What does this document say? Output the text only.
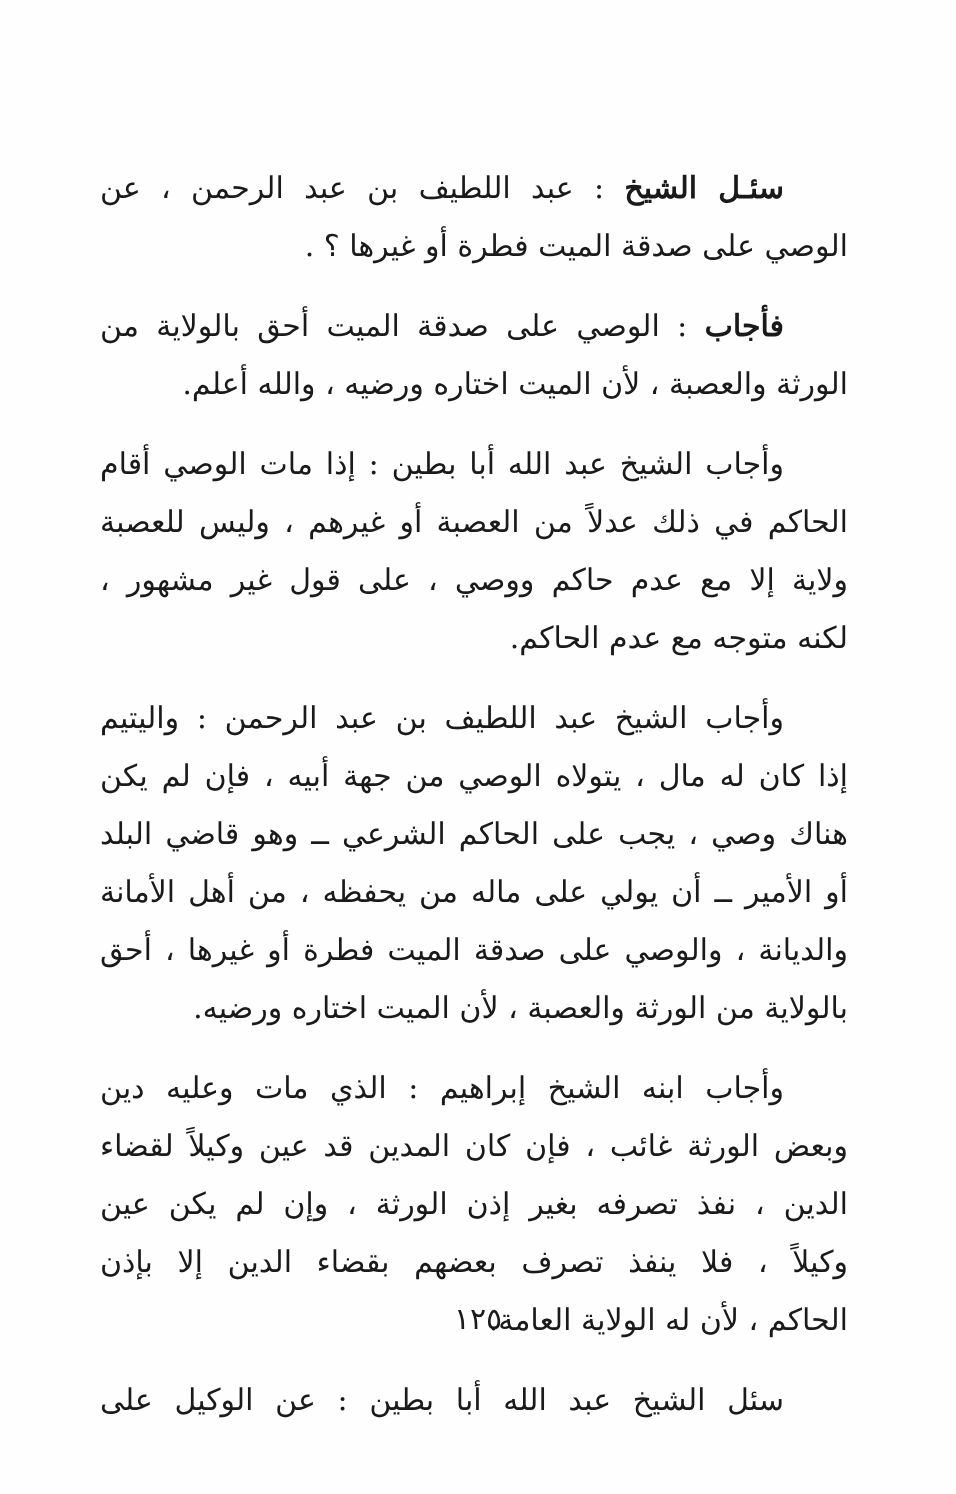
سئـل الشيخ : عبد اللطيف بن عبد الرحمن ، عن
الوصي على صدقة الميت فطرة أو غيرها ؟ .

فأجاب : الوصي على صدقة الميت أحق بالولاية من
الورثة والعصبة ، لأن الميت اختاره ورضيه ، والله أعلم.

وأجاب الشيخ عبد الله أبا بطين : إذا مات الوصي أقام
الحاكم في ذلك عدلاً من العصبة أو غيرهم ، وليس للعصبة
ولاية إلا مع عدم حاكم ووصي ، على قول غير مشهور ،
لكنه متوجه مع عدم الحاكم.

وأجاب الشيخ عبد اللطيف بن عبد الرحمن : واليتيم
إذا كان له مال ، يتولاه الوصي من جهة أبيه ، فإن لم يكن
هناك وصي ، يجب على الحاكم الشرعي ــ وهو قاضي البلد
أو الأمير ــ أن يولي على ماله من يحفظه ، من أهل الأمانة
والديانة ، والوصي على صدقة الميت فطرة أو غيرها ، أحق
بالولاية من الورثة والعصبة ، لأن الميت اختاره ورضيه.

وأجاب ابنه الشيخ إبراهيم : الذي مات وعليه دين
وبعض الورثة غائب ، فإن كان المدين قد عين وكيلاً لقضاء
الدين ، نفذ تصرفه بغير إذن الورثة ، وإن لم يكن عين
وكيلاً ، فلا ينفذ تصرف بعضهم بقضاء الدين إلا بإذن
الحاكم ، لأن له الولاية العامة.

سئل الشيخ عبد الله أبا بطين : عن الوكيل على

١٢٥
